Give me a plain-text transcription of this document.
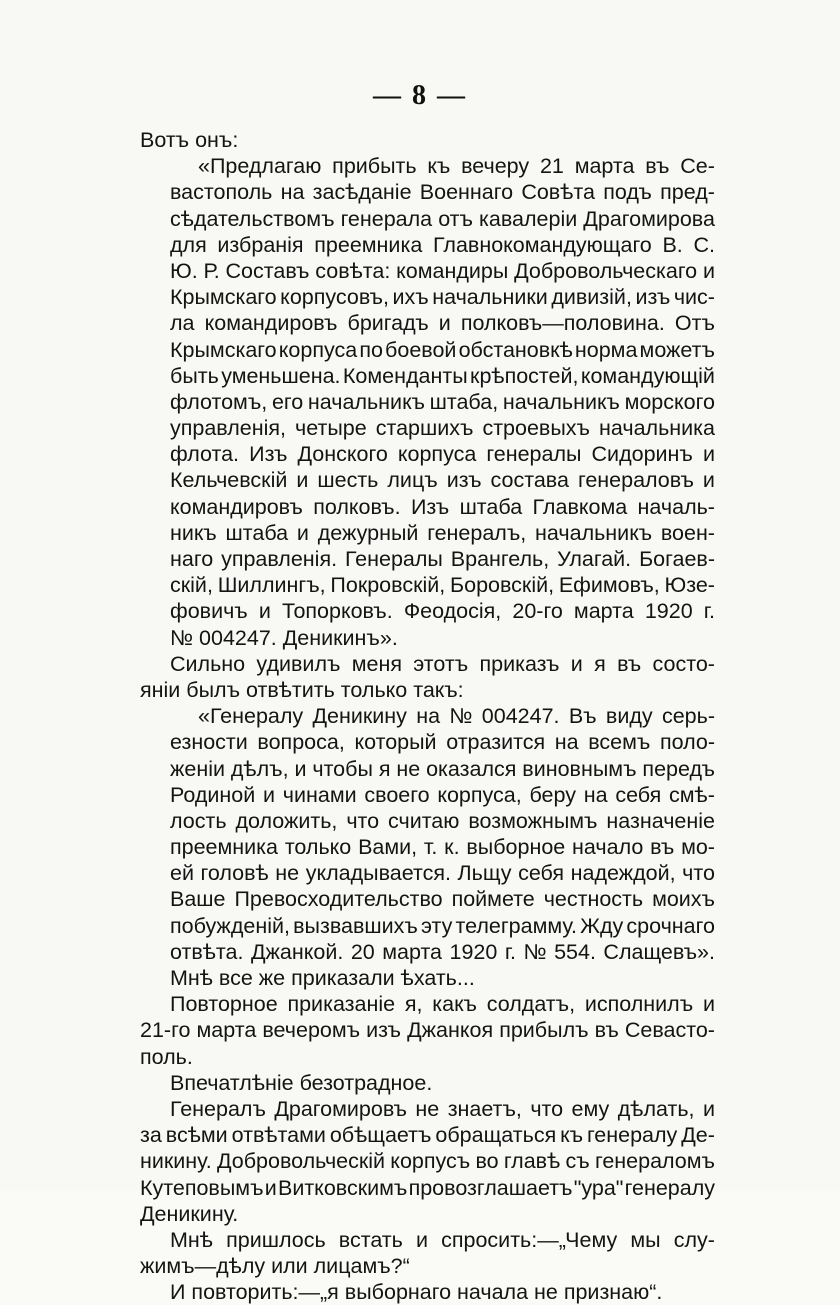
— 8 —
Вотъ онъ:
«Предлагаю прибыть къ вечеру 21 марта въ Се-
вастополь на засѣданіе Военнаго Совѣта подъ пред-
сѣдательствомъ генерала отъ кавалеріи Драгомирова
для избранія преемника Главнокомандующаго В. С.
Ю. Р. Составъ совѣта: командиры Добровольческаго и
Крымскаго корпусовъ, ихъ начальники дивизій, изъ чис-
ла командировъ бригадъ и полковъ—половина. Отъ
Крымскаго корпуса по боевой обстановкѣ норма можетъ
быть уменьшена. Коменданты крѣпостей, командующій
флотомъ, его начальникъ штаба, начальникъ морского
управленія, четыре старшихъ строевыхъ начальника
флота. Изъ Донского корпуса генералы Сидоринъ и
Кельчевскій и шесть лицъ изъ состава генераловъ и
командировъ полковъ. Изъ штаба Главкома началь-
никъ штаба и дежурный генералъ, начальникъ воен-
наго управленія. Генералы Врангель, Улагай. Богаев-
скій, Шиллингъ, Покровскій, Боровскій, Ефимовъ, Юзе-
фовичъ и Топорковъ. Феодосія, 20-го марта 1920 г.
№ 004247. Деникинъ».
Сильно удивилъ меня этотъ приказъ и я въ состо-
яніи былъ отвѣтить только такъ:
«Генералу Деникину на № 004247. Въ виду серь-
езности вопроса, который отразится на всемъ поло-
женіи дѣлъ, и чтобы я не оказался виновнымъ передъ
Родиной и чинами своего корпуса, беру на себя смѣ-
лость доложить, что считаю возможнымъ назначеніе
преемника только Вами, т. к. выборное начало въ мо-
ей головѣ не укладывается. Льщу себя надеждой, что
Ваше Превосходительство поймете честность моихъ
побужденій, вызвавшихъ эту телеграмму. Жду срочнаго
отвѣта. Джанкой. 20 марта 1920 г. № 554. Слащевъ».
Мнѣ все же приказали ѣхать...
Повторное приказаніе я, какъ солдатъ, исполнилъ и
21-го марта вечеромъ изъ Джанкоя прибылъ въ Севасто-
поль.
Впечатлѣніе безотрадное.
Генералъ Драгомировъ не знаетъ, что ему дѣлать, и
за всѣми отвѣтами обѣщаетъ обращаться къ генералу Де-
никину. Добровольческій корпусъ во главѣ съ генераломъ
Кутеповымъ и Витковскимъ провозглашаетъ "ура" генералу
Деникину.
Мнѣ пришлось встать и спросить:—„Чему мы слу-
жимъ—дѣлу или лицамъ?“
И повторить:—„я выборнаго начала не признаю“.
